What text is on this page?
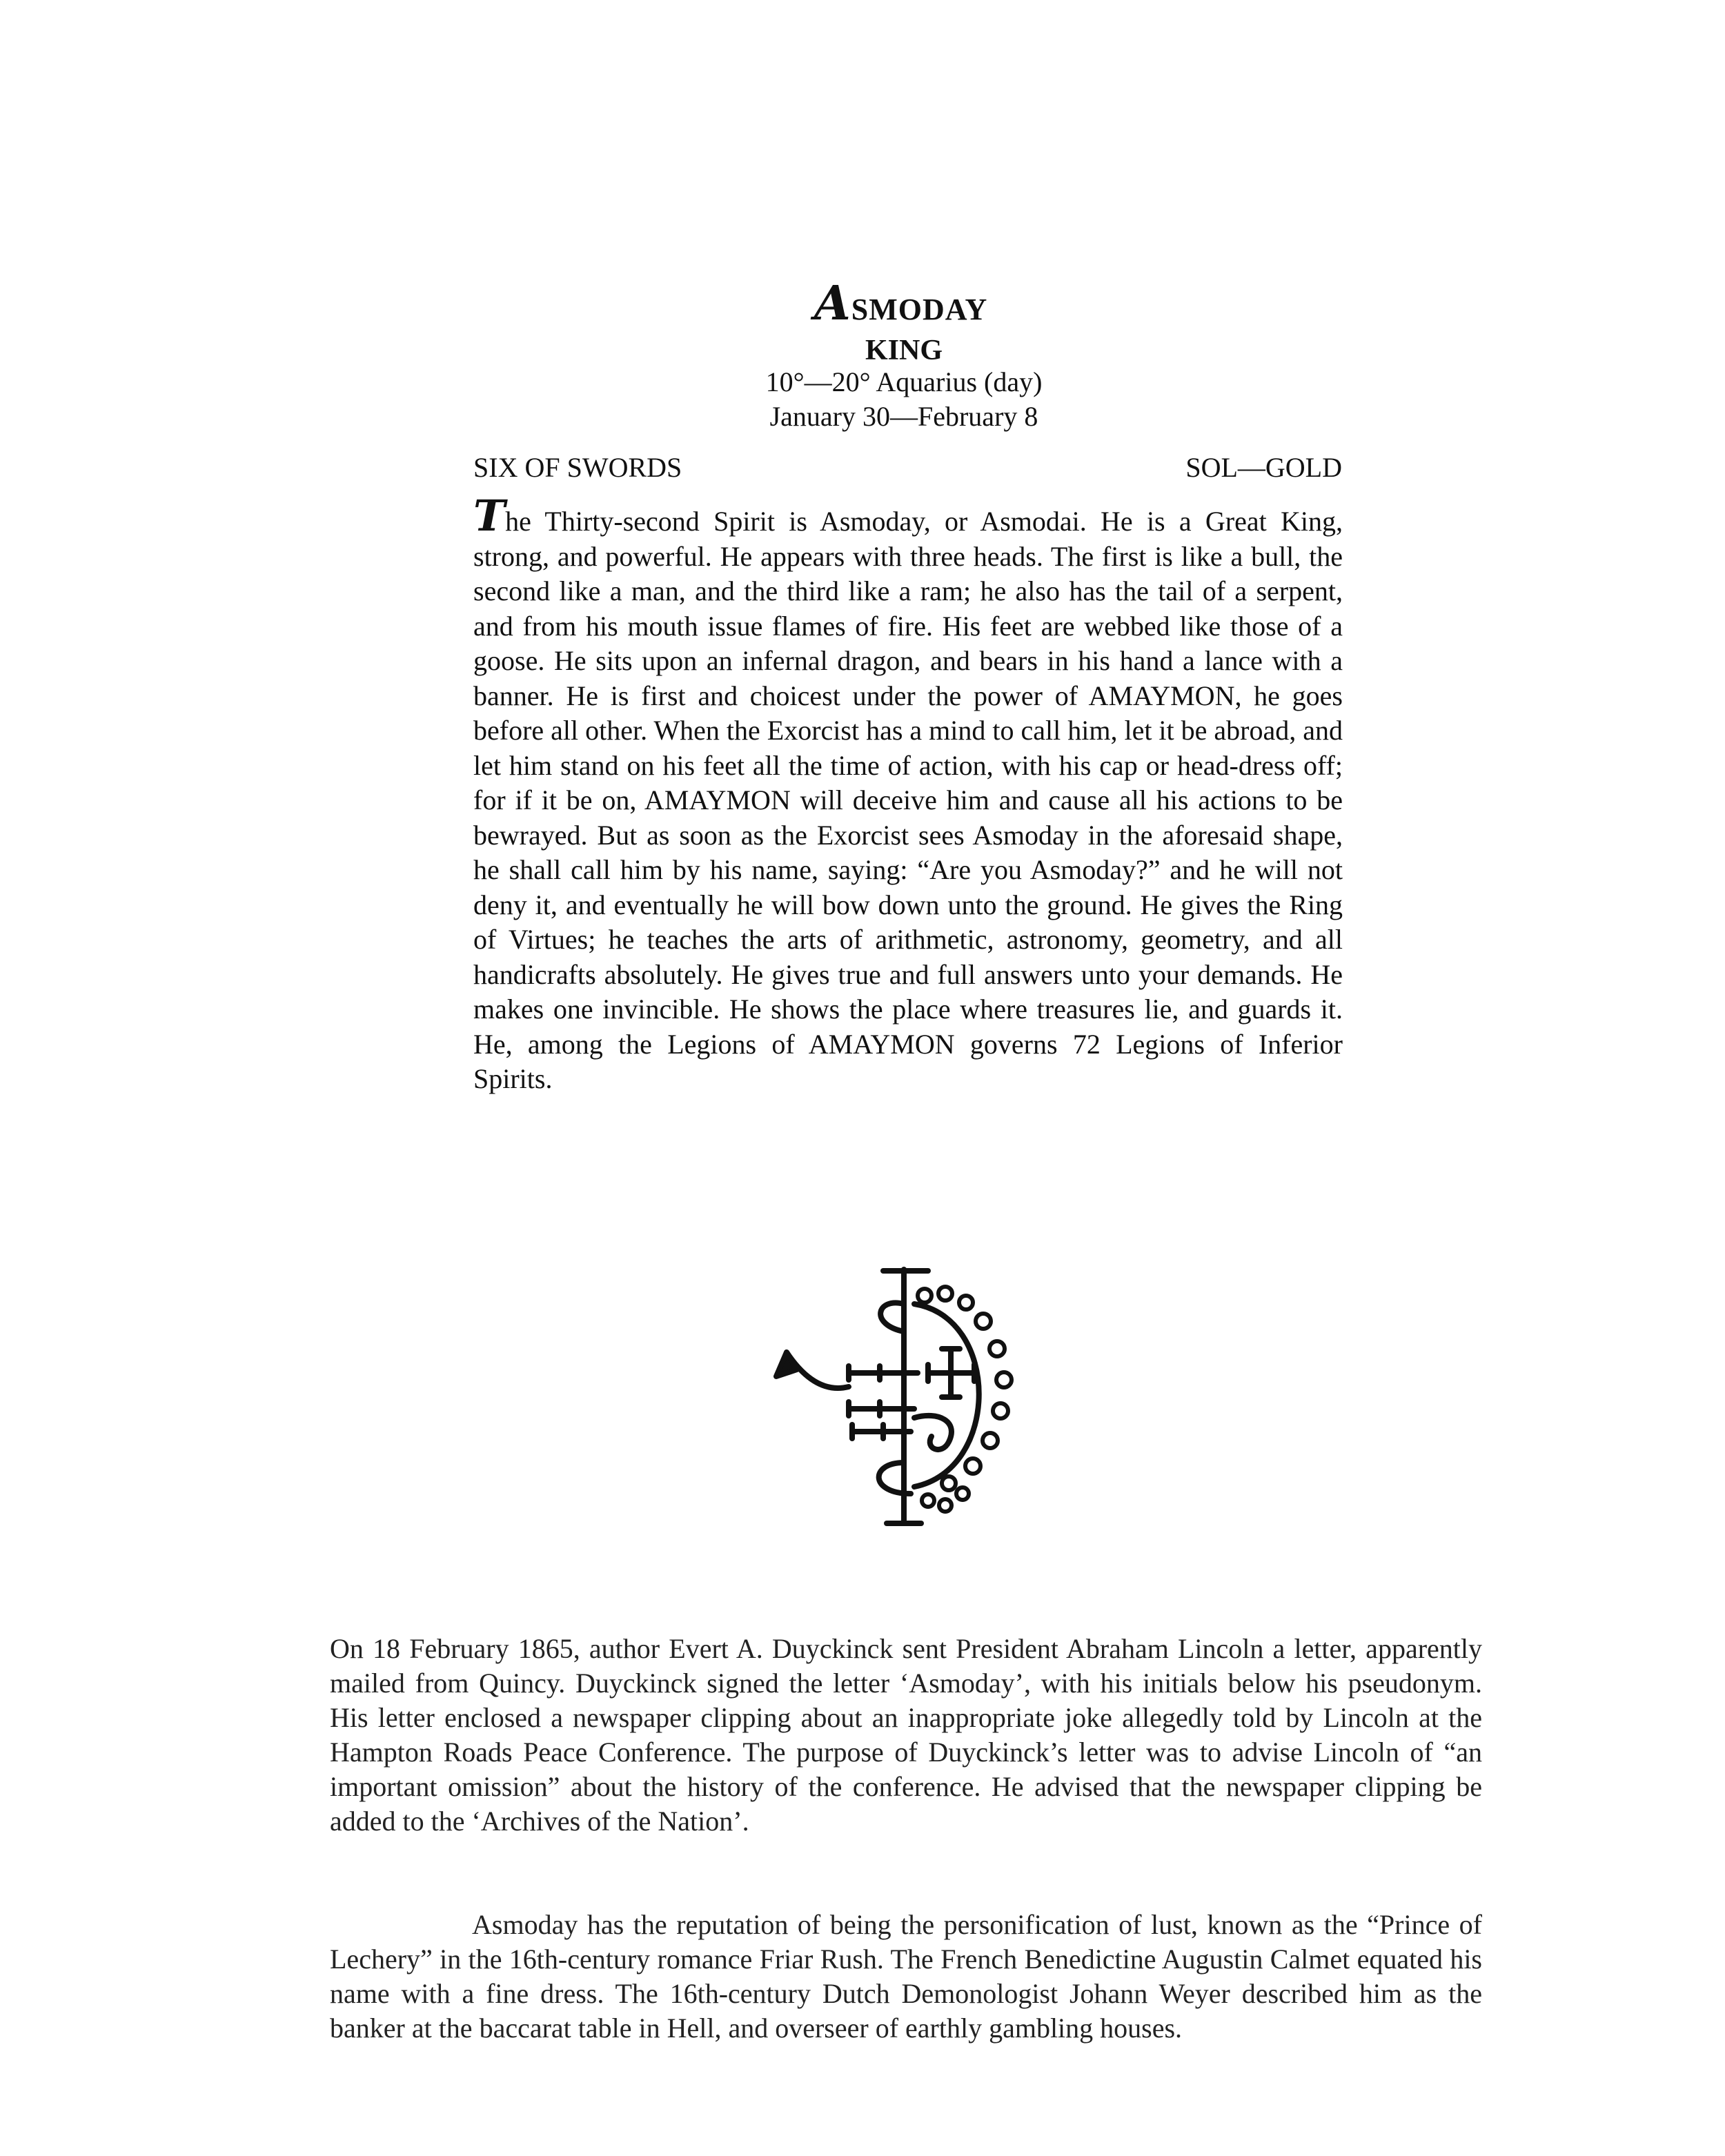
ASMODAY
KING
10°—20° Aquarius (day)
January 30—February 8
SIX OF SWORDS	SOL—GOLD
The Thirty-second Spirit is Asmoday, or Asmodai. He is a Great King, strong, and powerful. He appears with three heads. The first is like a bull, the second like a man, and the third like a ram; he also has the tail of a serpent, and from his mouth issue flames of fire. His feet are webbed like those of a goose. He sits upon an infernal dragon, and bears in his hand a lance with a banner. He is first and choicest under the power of AMAYMON, he goes before all other. When the Exorcist has a mind to call him, let it be abroad, and let him stand on his feet all the time of action, with his cap or head-dress off; for if it be on, AMAYMON will deceive him and cause all his actions to be bewrayed. But as soon as the Exorcist sees Asmoday in the aforesaid shape, he shall call him by his name, saying: “Are you Asmoday?” and he will not deny it, and eventually he will bow down unto the ground. He gives the Ring of Virtues; he teaches the arts of arithmetic, astronomy, geometry, and all handicrafts absolutely. He gives true and full answers unto your demands. He makes one invincible. He shows the place where treasures lie, and guards it. He, among the Legions of AMAYMON governs 72 Legions of Inferior Spirits.
On 18 February 1865, author Evert A. Duyckinck sent President Abraham Lincoln a letter, apparently mailed from Quincy. Duyckinck signed the letter ‘Asmoday’, with his initials below his pseudonym. His letter enclosed a newspaper clipping about an inappropriate joke allegedly told by Lincoln at the Hampton Roads Peace Conference. The purpose of Duyckinck’s letter was to advise Lincoln of “an important omission” about the history of the conference. He advised that the newspaper clipping be added to the ‘Archives of the Nation’.
Asmoday has the reputation of being the personification of lust, known as the “Prince of Lechery” in the 16th-century romance Friar Rush. The French Benedictine Augustin Calmet equated his name with a fine dress. The 16th-century Dutch Demonologist Johann Weyer described him as the banker at the baccarat table in Hell, and overseer of earthly gambling houses.
